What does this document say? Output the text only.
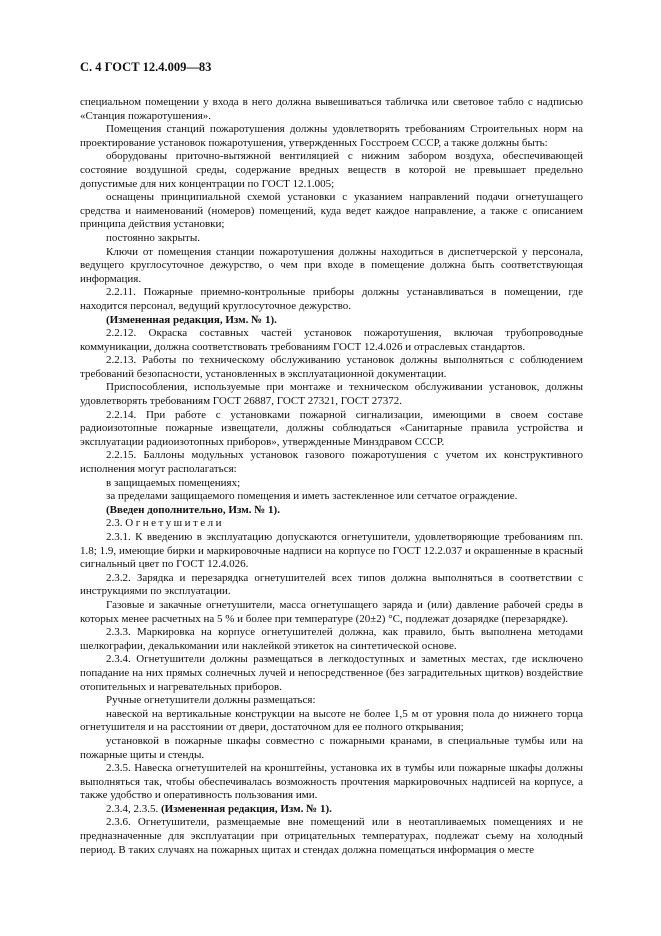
С. 4 ГОСТ 12.4.009—83

специальном помещении у входа в него должна вывешиваться табличка или световое табло с надписью «Станция пожаротушения».

Помещения станций пожаротушения должны удовлетворять требованиям Строительных норм на проектирование установок пожаротушения, утвержденных Госстроем СССР, а также должны быть:

оборудованы приточно-вытяжной вентиляцией с нижним забором воздуха, обеспечивающей состояние воздушной среды, содержание вредных веществ в которой не превышает предельно допустимые для них концентрации по ГОСТ 12.1.005;

оснащены принципиальной схемой установки с указанием направлений подачи огнетушащего средства и наименований (номеров) помещений, куда ведет каждое направление, а также с описанием принципа действия установки;

постоянно закрыты.

Ключи от помещения станции пожаротушения должны находиться в диспетчерской у персонала, ведущего круглосуточное дежурство, о чем при входе в помещение должна быть соответствующая информация.

2.2.11. Пожарные приемно-контрольные приборы должны устанавливаться в помещении, где находится персонал, ведущий круглосуточное дежурство.

(Измененная редакция, Изм. № 1).

2.2.12. Окраска составных частей установок пожаротушения, включая трубопроводные коммуникации, должна соответствовать требованиям ГОСТ 12.4.026 и отраслевых стандартов.

2.2.13. Работы по техническому обслуживанию установок должны выполняться с соблюдением требований безопасности, установленных в эксплуатационной документации.

Приспособления, используемые при монтаже и техническом обслуживании установок, должны удовлетворять требованиям ГОСТ 26887, ГОСТ 27321, ГОСТ 27372.

2.2.14. При работе с установками пожарной сигнализации, имеющими в своем составе радиоизотопные пожарные извещатели, должны соблюдаться «Санитарные правила устройства и эксплуатации радиоизотопных приборов», утвержденные Минздравом СССР.

2.2.15. Баллоны модульных установок газового пожаротушения с учетом их конструктивного исполнения могут располагаться:

в защищаемых помещениях;

за пределами защищаемого помещения и иметь застекленное или сетчатое ограждение.

(Введен дополнительно, Изм. № 1).

2.3. Огнетушители

2.3.1. К введению в эксплуатацию допускаются огнетушители, удовлетворяющие требованиям пп. 1.8; 1.9, имеющие бирки и маркировочные надписи на корпусе по ГОСТ 12.2.037 и окрашенные в красный сигнальный цвет по ГОСТ 12.4.026.

2.3.2. Зарядка и перезарядка огнетушителей всех типов должна выполняться в соответствии с инструкциями по эксплуатации.

Газовые и закачные огнетушители, масса огнетушащего заряда и (или) давление рабочей среды в которых менее расчетных на 5 % и более при температуре (20±2) °С, подлежат дозарядке (перезарядке).

2.3.3. Маркировка на корпусе огнетушителей должна, как правило, быть выполнена методами шелкографии, декалькомании или наклейкой этикеток на синтетической основе.

2.3.4. Огнетушители должны размещаться в легкодоступных и заметных местах, где исключено попадание на них прямых солнечных лучей и непосредственное (без заградительных щитков) воздействие отопительных и нагревательных приборов.

Ручные огнетушители должны размещаться:

навеской на вертикальные конструкции на высоте не более 1,5 м от уровня пола до нижнего торца огнетушителя и на расстоянии от двери, достаточном для ее полного открывания;

установкой в пожарные шкафы совместно с пожарными кранами, в специальные тумбы или на пожарные щиты и стенды.

2.3.5. Навеска огнетушителей на кронштейны, установка их в тумбы или пожарные шкафы должны выполняться так, чтобы обеспечивалась возможность прочтения маркировочных надписей на корпусе, а также удобство и оперативность пользования ими.

2.3.4, 2.3.5. (Измененная редакция, Изм. № 1).

2.3.6. Огнетушители, размещаемые вне помещений или в неотапливаемых помещениях и не предназначенные для эксплуатации при отрицательных температурах, подлежат съему на холодный период. В таких случаях на пожарных щитах и стендах должна помещаться информация о месте
